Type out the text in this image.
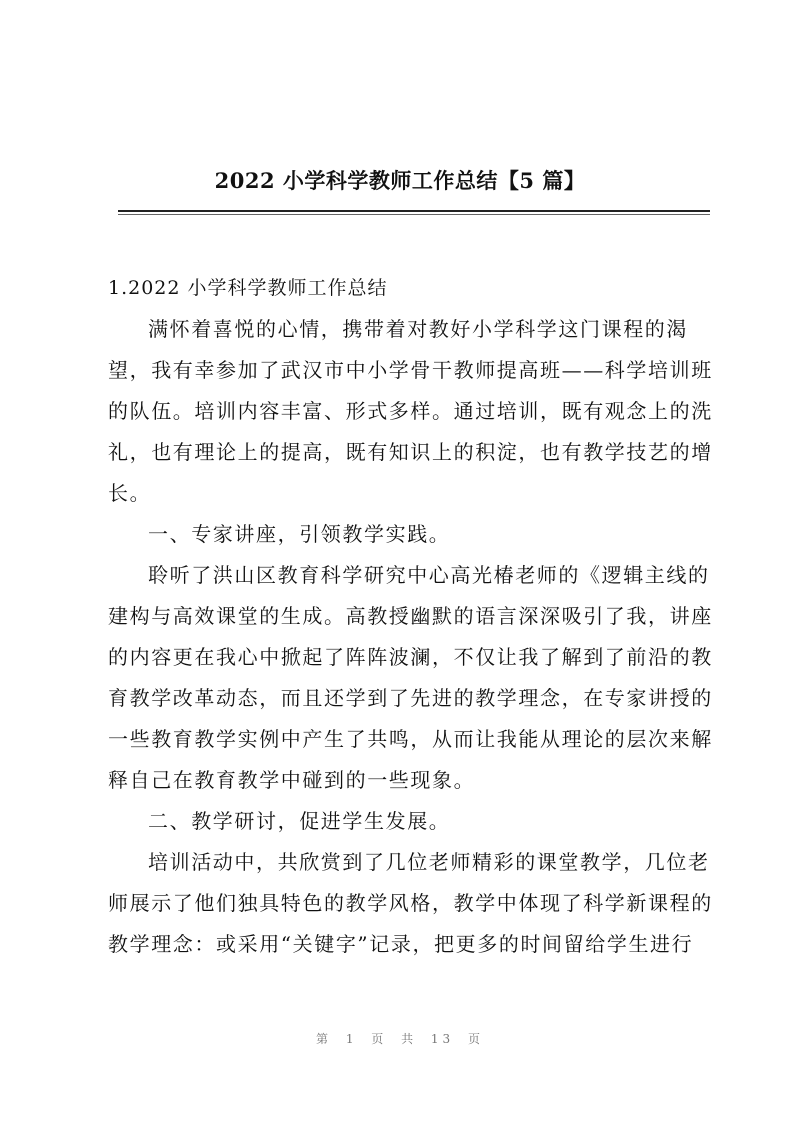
2022 小学科学教师工作总结【5 篇】
1.2022 小学科学教师工作总结
满怀着喜悦的心情，携带着对教好小学科学这门课程的渴
望，我有幸参加了武汉市中小学骨干教师提高班——科学培训班
的队伍。培训内容丰富、形式多样。通过培训，既有观念上的洗
礼，也有理论上的提高，既有知识上的积淀，也有教学技艺的增
长。
一、专家讲座，引领教学实践。
聆听了洪山区教育科学研究中心高光椿老师的《逻辑主线的
建构与高效课堂的生成。高教授幽默的语言深深吸引了我，讲座
的内容更在我心中掀起了阵阵波澜，不仅让我了解到了前沿的教
育教学改革动态，而且还学到了先进的教学理念，在专家讲授的
一些教育教学实例中产生了共鸣，从而让我能从理论的层次来解
释自己在教育教学中碰到的一些现象。
二、教学研讨，促进学生发展。
培训活动中，共欣赏到了几位老师精彩的课堂教学，几位老
师展示了他们独具特色的教学风格，教学中体现了科学新课程的
教学理念：或采用“关键字”记录，把更多的时间留给学生进行
第 1 页 共 13 页
